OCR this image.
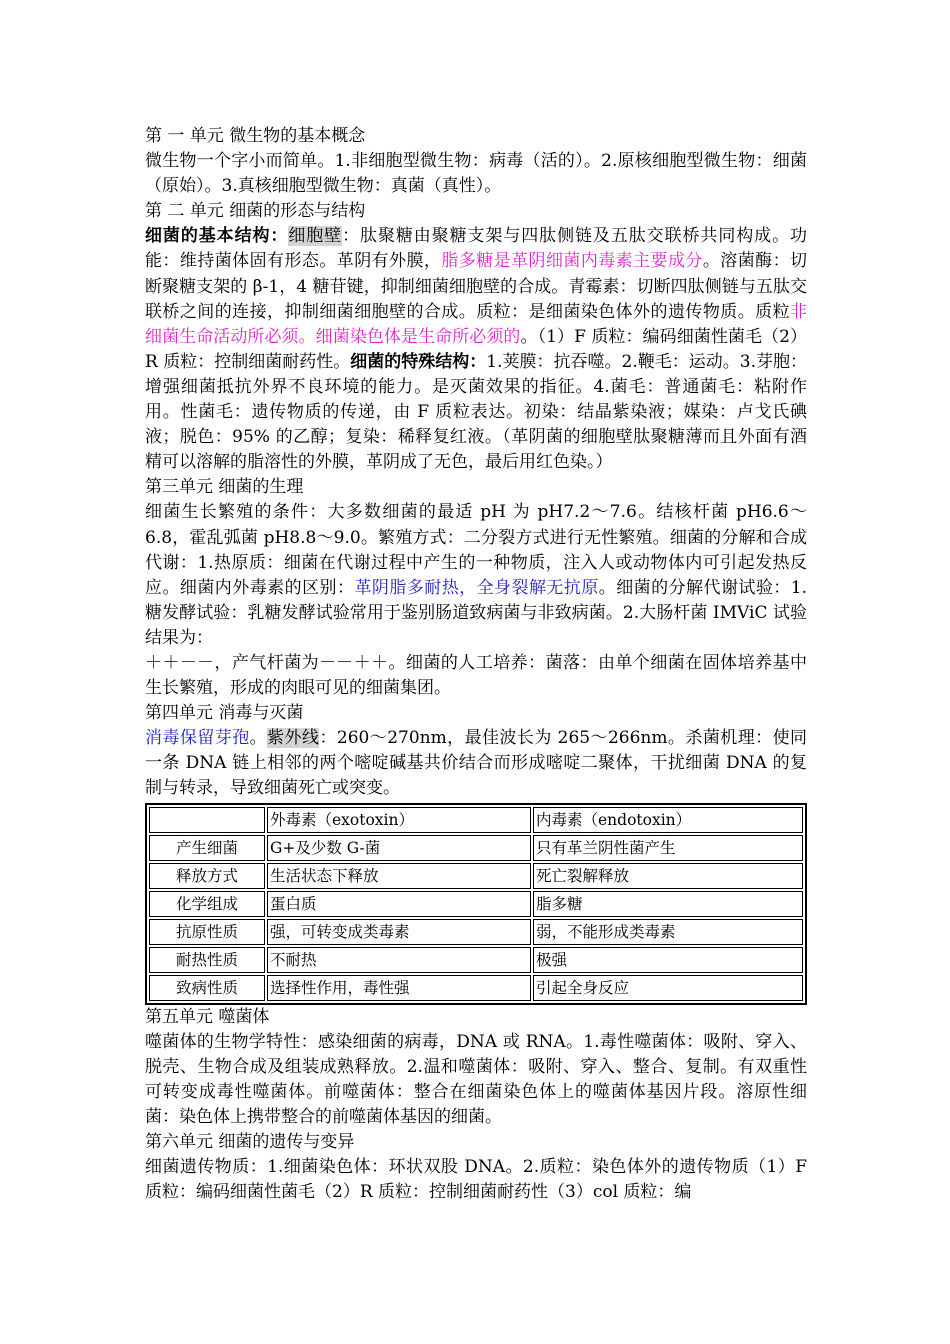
第 一 单元 微生物的基本概念

微生物一个字小而简单。1.非细胞型微生物：病毒（活的）。2.原核细胞型微生物：细菌（原始）。3.真核细胞型微生物：真菌（真性）。

第 二 单元 细菌的形态与结构

细菌的基本结构：细胞壁：肽聚糖由聚糖支架与四肽侧链及五肽交联桥共同构成。功能：维持菌体固有形态。革阴有外膜，脂多糖是革阴细菌内毒素主要成分。溶菌酶：切断聚糖支架的 β-1，4 糖苷键，抑制细菌细胞壁的合成。青霉素：切断四肽侧链与五肽交联桥之间的连接，抑制细菌细胞壁的合成。质粒：是细菌染色体外的遗传物质。质粒非细菌生命活动所必须。细菌染色体是生命所必须的。（1）F 质粒：编码细菌性菌毛（2）R 质粒：控制细菌耐药性。细菌的特殊结构：1.荚膜：抗吞噬。2.鞭毛：运动。3.芽胞：增强细菌抵抗外界不良环境的能力。是灭菌效果的指征。4.菌毛：普通菌毛：粘附作用。性菌毛：遗传物质的传递，由 F 质粒表达。初染：结晶紫染液；媒染：卢戈氏碘液；脱色：95% 的乙醇；复染：稀释复红液。（革阴菌的细胞壁肽聚糖薄而且外面有酒精可以溶解的脂溶性的外膜，革阴成了无色，最后用红色染。）

第三单元 细菌的生理

细菌生长繁殖的条件：大多数细菌的最适 pH 为 pH7.2～7.6。结核杆菌 pH6.6～6.8，霍乱弧菌 pH8.8～9.0。繁殖方式：二分裂方式进行无性繁殖。细菌的分解和合成代谢：1.热原质：细菌在代谢过程中产生的一种物质，注入人或动物体内可引起发热反应。细菌内外毒素的区别：革阴脂多耐热，全身裂解无抗原。细菌的分解代谢试验：1.糖发酵试验：乳糖发酵试验常用于鉴别肠道致病菌与非致病菌。2.大肠杆菌 IMViC 试验结果为：

＋＋－－，产气杆菌为－－＋＋。细菌的人工培养：菌落：由单个细菌在固体培养基中生长繁殖，形成的肉眼可见的细菌集团。

第四单元 消毒与灭菌

消毒保留芽孢。紫外线：260～270nm，最佳波长为 265～266nm。杀菌机理：使同一条 DNA 链上相邻的两个嘧啶碱基共价结合而形成嘧啶二聚体，干扰细菌 DNA 的复制与转录，导致细菌死亡或突变。

	外毒素（exotoxin）	内毒素（endotoxin）
产生细菌	G+及少数 G-菌	只有革兰阴性菌产生
释放方式	生活状态下释放	死亡裂解释放
化学组成	蛋白质	脂多糖
抗原性质	强，可转变成类毒素	弱，不能形成类毒素
耐热性质	不耐热	极强
致病性质	选择性作用，毒性强	引起全身反应

第五单元 噬菌体

噬菌体的生物学特性：感染细菌的病毒，DNA 或 RNA。1.毒性噬菌体：吸附、穿入、脱壳、生物合成及组装成熟释放。2.温和噬菌体：吸附、穿入、整合、复制。有双重性可转变成毒性噬菌体。前噬菌体：整合在细菌染色体上的噬菌体基因片段。溶原性细菌：染色体上携带整合的前噬菌体基因的细菌。

第六单元 细菌的遗传与变异

细菌遗传物质：1.细菌染色体：环状双股 DNA。2.质粒：染色体外的遗传物质（1）F 质粒：编码细菌性菌毛（2）R 质粒：控制细菌耐药性（3）col 质粒：编
